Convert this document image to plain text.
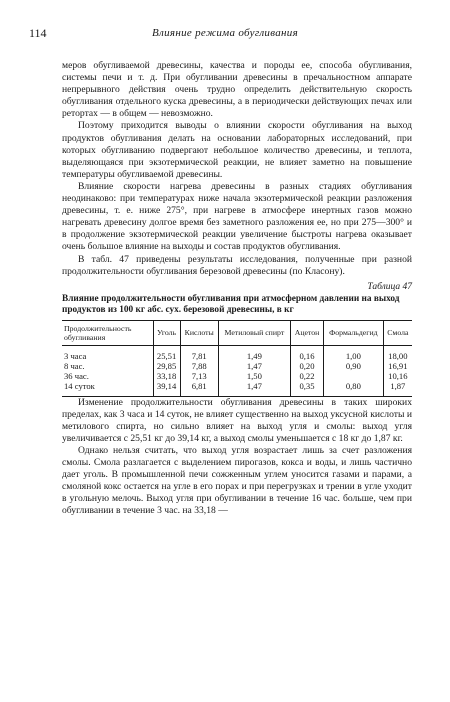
114	Влияние режима обугливания

меров обугливаемой древесины, качества и породы ее, способа обугливания, системы печи и т. д. При обугливании древесины в пречальностном аппарате непрерывного действия очень трудно определить действительную скорость обугливания отдельного куска древесины, а в периодически действующих печах или ретортах — в общем — невозможно.

Поэтому приходится выводы о влиянии скорости обугливания на выход продуктов обугливания делать на основании лабораторных исследований, при которых обугливанию подвергают небольшое количество древесины, и теплота, выделяющаяся при экзотермической реакции, не влияет заметно на повышение температуры обугливаемой древесины.

Влияние скорости нагрева древесины в разных стадиях обугливания неодинаково: при температурах ниже начала экзотермической реакции разложения древесины, т. е. ниже 275°, при нагреве в атмосфере инертных газов можно нагревать древесину долгое время без заметного разложения ее, но при 275—300° и в продолжение экзотермической реакции увеличение быстроты нагрева оказывает очень большое влияние на выходы и состав продуктов обугливания.

В табл. 47 приведены результаты исследования, полученные при разной продолжительности обугливания березовой древесины (по Класону).

Таблица 47
Влияние продолжительности обугливания при атмосферном давлении на выход продуктов из 100 кг абс. сух. березовой древесины, в кг
Продолжительность обугливания	Уголь	Кислоты	Метиловый спирт	Ацетон	Формальдегид	Смола
3 часа	25,51	7,81	1,49	0,16	1,00	18,00
8 час.	29,85	7,88	1,47	0,20	0,90	16,91
36 час.	33,18	7,13	1,50	0,22		10,16
14 суток	39,14	6,81	1,47	0,35	0,80	1,87

Изменение продолжительности обугливания древесины в таких широких пределах, как 3 часа и 14 суток, не влияет существенно на выход уксусной кислоты и метилового спирта, но сильно влияет на выход угля и смолы: выход угля увеличивается с 25,51 кг до 39,14 кг, а выход смолы уменьшается с 18 кг до 1,87 кг.

Однако нельзя считать, что выход угля возрастает лишь за счет разложения смолы. Смола разлагается с выделением пирогазов, кокса и воды, и лишь частично дает уголь. В промышленной печи сожженным углем уносится газами и парами, а смоляной кокс остается на угле в его порах и при перегрузках и трении в угле уходит в угольную мелочь. Выход угля при обугливании в течение 16 час. больше, чем при обугливании в течение 3 час. на 33,18 —
